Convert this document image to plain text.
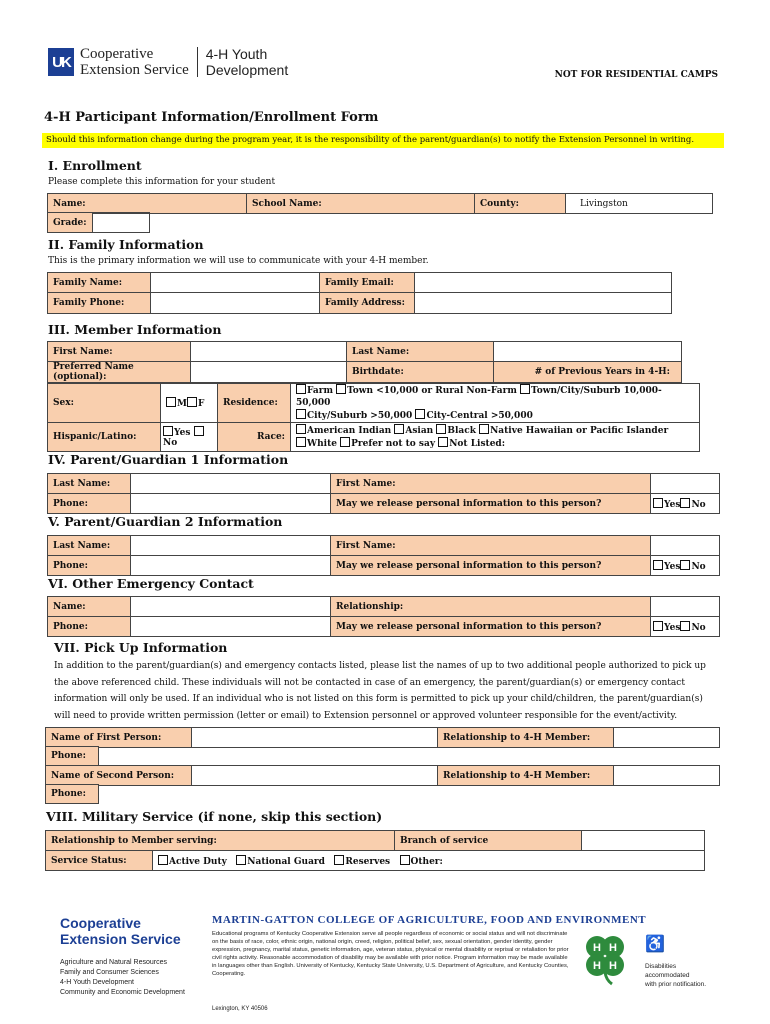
UK Cooperative
Extension Service
4-H Youth
Development	NOT FOR RESIDENTIAL CAMPS
4-H Participant Information/Enrollment Form
Should this information change during the program year, it is the responsibility of the parent/guardian(s) to notify the Extension Personnel in writing.
I. Enrollment
Please complete this information for your student
Name:	School Name:	County:	Livingston
Grade:	
II. Family Information
This is the primary information we will use to communicate with your 4-H member.
Family Name:		Family Email:	
Family Phone:		Family Address:	
III. Member Information
First Name:		Last Name:	
Preferred Name (optional):		Birthdate:	# of Previous Years in 4-H:
Sex:	M F	Residence:	Farm Town <10,000 or Rural Non-Farm Town/City/Suburb 10,000-50,000
City/Suburb >50,000 City-Central >50,000
Hispanic/Latino:	Yes No	Race:	American Indian Asian Black Native Hawaiian or Pacific Islander
White Prefer not to say Not Listed:
IV. Parent/Guardian 1 Information
Last Name:		First Name:	
Phone:		May we release personal information to this person?	Yes No
V. Parent/Guardian 2 Information
Last Name:		First Name:	
Phone:		May we release personal information to this person?	Yes No
VI. Other Emergency Contact
Name:		Relationship:	
Phone:		May we release personal information to this person?	Yes No
VII. Pick Up Information
In addition to the parent/guardian(s) and emergency contacts listed, please list the names of up to two additional people authorized to pick up the above referenced child. These individuals will not be contacted in case of an emergency, the parent/guardian(s) or emergency contact information will only be used. If an individual who is not listed on this form is permitted to pick up your child/children, the parent/guardian(s) will need to provide written permission (letter or email) to Extension personnel or approved volunteer responsible for the event/activity.
Name of First Person:		Relationship to 4-H Member:	
Phone:	
Name of Second Person:		Relationship to 4-H Member:	
Phone:	
VIII. Military Service (if none, skip this section)
Relationship to Member serving:		Branch of service	
Service Status:	Active Duty National Guard Reserves Other:		
Cooperative
Extension Service
Agriculture and Natural Resources
Family and Consumer Sciences
4-H Youth Development
Community and Economic Development
MARTIN-GATTON COLLEGE OF AGRICULTURE, FOOD AND ENVIRONMENT
Educational programs of Kentucky Cooperative Extension serve all people regardless of economic or social status and will not discriminate on the basis of race, color, ethnic origin, national origin, creed, religion, political belief, sex, sexual orientation, gender identity, gender expression, pregnancy, marital status, genetic information, age, veteran status, physical or mental disability or reprisal or retaliation for prior civil rights activity. Reasonable accommodation of disability may be available with prior notice. Program information may be made available in languages other than English. University of Kentucky, Kentucky State University, U.S. Department of Agriculture, and Kentucky Counties, Cooperating.
Lexington, KY 40506
H H
H H
♿
Disabilities
accommodated
with prior notification.
